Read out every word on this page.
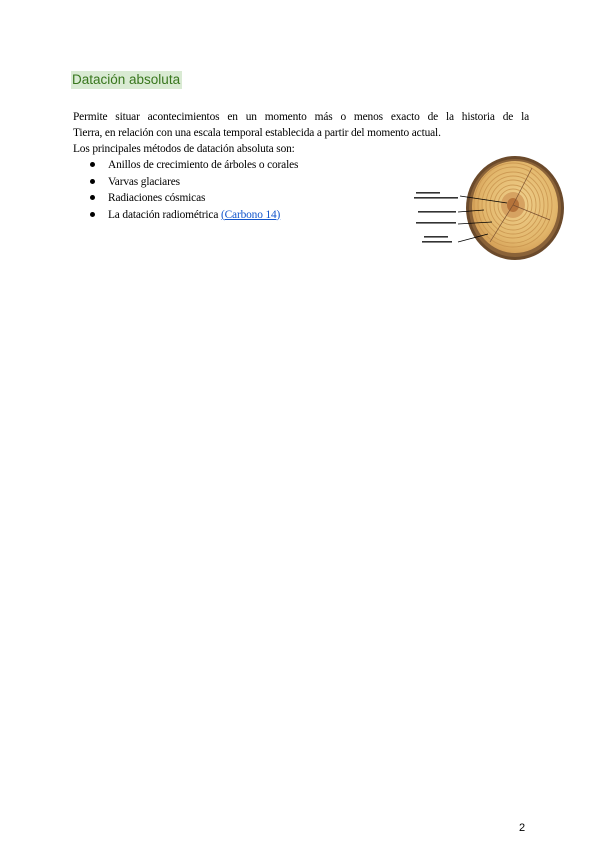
Datación absoluta
Permite situar acontecimientos en un momento más o menos exacto de la historia de la
Tierra, en relación con una escala temporal establecida a partir del momento actual.
Los principales métodos de datación absoluta son:
Anillos de crecimiento de árboles o corales
Varvas glaciares
Radiaciones cósmicas
La datación radiométrica (Carbono 14)
2
